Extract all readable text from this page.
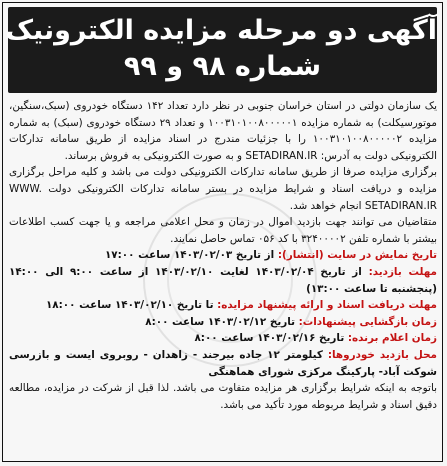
آگهی دو مرحله مزایده الکترونیک
شماره ۹۸ و ۹۹

یک سازمان دولتی در استان خراسان جنوبی در نظر دارد تعداد ۱۴۲ دستگاه خودروی (سبک،سنگین، موتورسیکلت) به شماره مزایده ۱۰۰۳۱۰۱۰۰۸۰۰۰۰۰۱ و تعداد ۲۹ دستگاه خودروی (سبک) به شماره مزایده ۱۰۰۳۱۰۱۰۰۸۰۰۰۰۰۲ را با جزئیات مندرج در اسناد مزایده از طریق سامانه تدارکات الکترونیکی دولت به آدرس: SETADIRAN.IR و به صورت الکترونیکی به فروش برساند.

برگزاری مزایده صرفا از طریق سامانه تدارکات الکترونیکی دولت می باشد و کلیه مراحل برگزاری مزایده و دریافت اسناد و شرایط مزایده در بستر سامانه تدارکات الکترونیکی دولت WWW. SETADIRAN.IR انجام خواهد شد.

متقاضیان می توانند جهت بازدید اموال در زمان و محل اعلامی مراجعه و یا جهت کسب اطلاعات بیشتر با شماره تلفن ۳۲۴۰۰۰۰۲ با کد ۰۵۶ تماس حاصل نمایند.

تاریخ نمایش در سایت (انتشار): از تاریخ ۱۴۰۳/۰۲/۰۳ ساعت ۱۷:۰۰
مهلت بازدید: از تاریخ ۱۴۰۳/۰۲/۰۴ لغایت ۱۴۰۳/۰۲/۱۰ از ساعت ۹:۰۰ الی ۱۴:۰۰ (پنجشنبه تا ساعت ۱۳:۰۰)
مهلت دریافت اسناد و ارائه پیشنهاد مزایده: تا تاریخ ۱۴۰۳/۰۲/۱۰ ساعت ۱۸:۰۰
زمان بازگشایی پیشنهادات: تاریخ ۱۴۰۳/۰۲/۱۲ ساعت ۸:۰۰
زمان اعلام برنده: تاریخ ۱۴۰۳/۰۲/۱۶ ساعت ۸:۰۰
محل بازدید خودروها: کیلومتر ۱۲ جاده بیرجند - زاهدان - روبروی ایست و بازرسی شوکت آباد- پارکینگ مرکزی شورای هماهنگی

باتوجه به اینکه شرایط برگزاری هر مزایده متفاوت می باشد. لذا قبل از شرکت در مزایده، مطالعه دقیق اسناد و شرایط مربوطه مورد تأکید می باشد.
